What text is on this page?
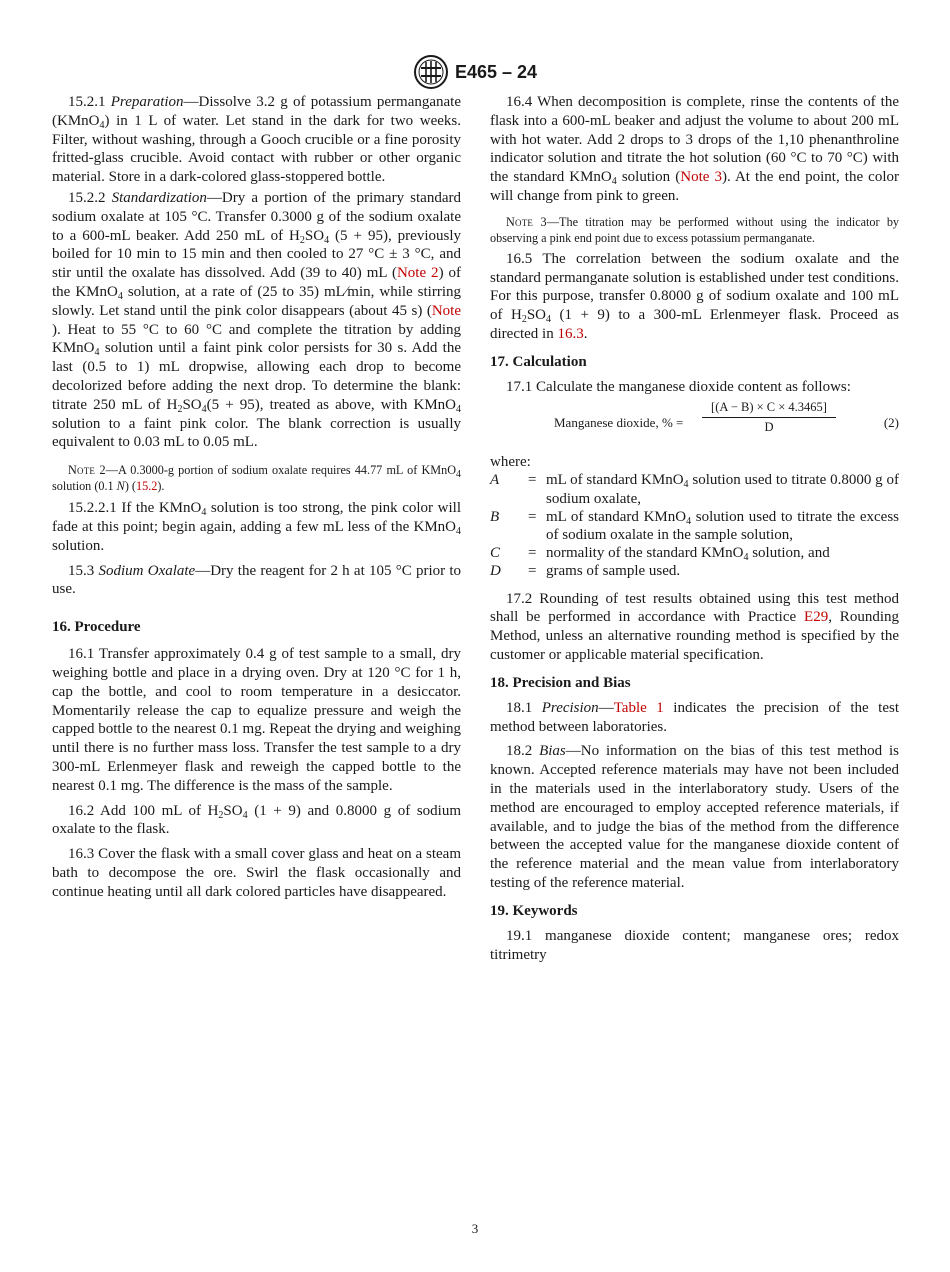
E465 – 24

15.2.1 Preparation—Dissolve 3.2 g of potassium permanganate (KMnO$_4$) in 1 L of water. Let stand in the dark for two weeks. Filter, without washing, through a Gooch crucible or a fine porosity fritted-glass crucible. Avoid contact with rubber or other organic material. Store in a dark-colored glass-stoppered bottle.

15.2.2 Standardization—Dry a portion of the primary standard sodium oxalate at 105 °C. Transfer 0.3000 g of the sodium oxalate to a 600-mL beaker. Add 250 mL of $H_2SO_4$ (5 + 95), previously boiled for 10 min to 15 min and then cooled to 27 °C ± 3 °C, and stir until the oxalate has dissolved. Add (39 to 40) mL (Note 2) of the KMnO$_4$ solution, at a rate of (25 to 35) mL⁄min, while stirring slowly. Let stand until the pink color disappears (about 45 s) (Note ). Heat to 55 °C to 60 °C and complete the titration by adding KMnO$_4$ solution until a faint pink color persists for 30 s. Add the last (0.5 to 1) mL dropwise, allowing each drop to become decolorized before adding the next drop. To determine the blank: titrate 250 mL of $H_2SO_4(5 + 95)$, treated as above, with KMnO$_4$ solution to a faint pink color. The blank correction is usually equivalent to 0.03 mL to 0.05 mL.

Note 2—A 0.3000-g portion of sodium oxalate requires 44.77 mL of KMnO$_4$ solution (0.1 N) (15.2).

15.2.2.1 If the KMnO$_4$ solution is too strong, the pink color will fade at this point; begin again, adding a few mL less of the KMnO$_4$ solution.

15.3 Sodium Oxalate—Dry the reagent for 2 h at 105 °C prior to use.

16. Procedure

16.1 Transfer approximately 0.4 g of test sample to a small, dry weighing bottle and place in a drying oven. Dry at 120 °C for 1 h, cap the bottle, and cool to room temperature in a desiccator. Momentarily release the cap to equalize pressure and weigh the capped bottle to the nearest 0.1 mg. Repeat the drying and weighing until there is no further mass loss. Transfer the test sample to a dry 300-mL Erlenmeyer flask and reweigh the capped bottle to the nearest 0.1 mg. The difference is the mass of the sample.

16.2 Add 100 mL of $H_2SO_4$ (1 + 9) and 0.8000 g of sodium oxalate to the flask.

16.3 Cover the flask with a small cover glass and heat on a steam bath to decompose the ore. Swirl the flask occasionally and continue heating until all dark colored particles have disappeared.

16.4 When decomposition is complete, rinse the contents of the flask into a 600-mL beaker and adjust the volume to about 200 mL with hot water. Add 2 drops to 3 drops of the 1,10 phenanthroline indicator solution and titrate the hot solution (60 °C to 70 °C) with the standard KMnO$_4$ solution (Note 3). At the end point, the color will change from pink to green.

Note 3—The titration may be performed without using the indicator by observing a pink end point due to excess potassium permanganate.

16.5 The correlation between the sodium oxalate and the standard permanganate solution is established under test conditions. For this purpose, transfer 0.8000 g of sodium oxalate and 100 mL of $H_2SO_4$ (1 + 9) to a 300-mL Erlenmeyer flask. Proceed as directed in 16.3.

17. Calculation

17.1 Calculate the manganese dioxide content as follows:

Manganese dioxide, % = $\frac{[(A - B) \times C \times 4.3465]}{D}$	(2)

where:

A	= mL of standard KMnO$_4$ solution used to titrate 0.8000 g of sodium oxalate,
B	= mL of standard KMnO$_4$ solution used to titrate the excess of sodium oxalate in the sample solution,
C	= normality of the standard KMnO$_4$ solution, and
D	= grams of sample used.

17.2 Rounding of test results obtained using this test method shall be performed in accordance with Practice E29, Rounding Method, unless an alternative rounding method is specified by the customer or applicable material specification.

18. Precision and Bias

18.1 Precision—Table 1 indicates the precision of the test method between laboratories.

18.2 Bias—No information on the bias of this test method is known. Accepted reference materials may have not been included in the materials used in the interlaboratory study. Users of the method are encouraged to employ accepted reference materials, if available, and to judge the bias of the method from the difference between the accepted value for the manganese dioxide content of the reference material and the mean value from interlaboratory testing of the reference material.

19. Keywords

19.1 manganese dioxide content; manganese ores; redox titrimetry

3
